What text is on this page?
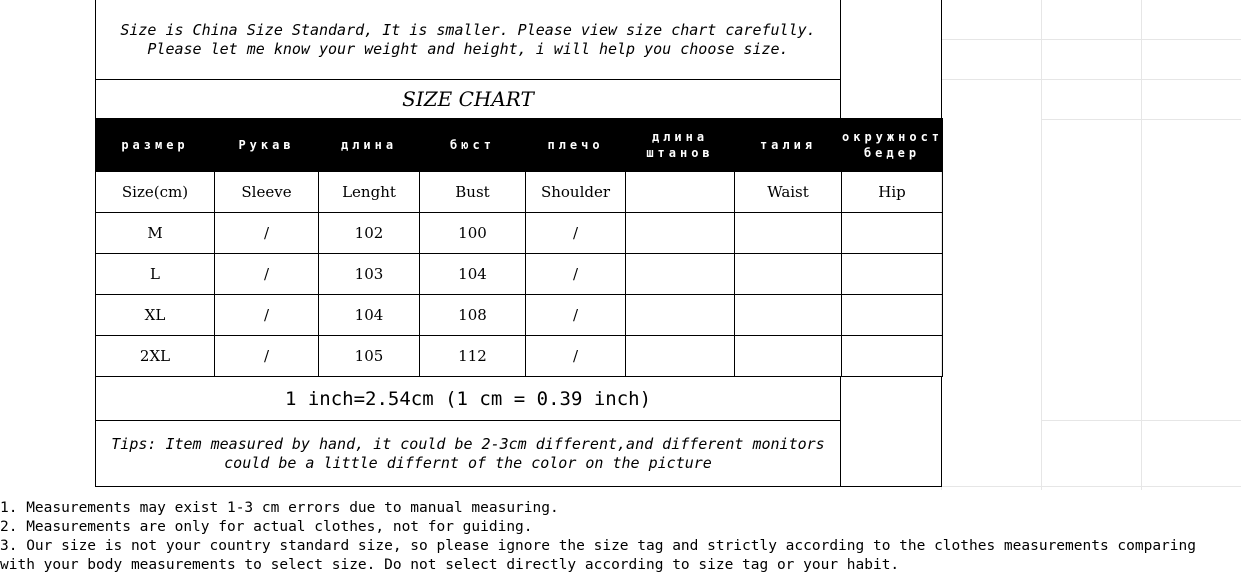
Size is China Size Standard, It is smaller. Please view size chart carefully.
Please let me know your weight and height, i will help you choose size.
SIZE CHART
размер	Рукав	длина	бюст	плечо	длина штанов	талия	окружность бедер
Size(cm)	Sleeve	Lenght	Bust	Shoulder		Waist	Hip
M	/	102	100	/			
L	/	103	104	/			
XL	/	104	108	/			
2XL	/	105	112	/			
1 inch=2.54cm (1 cm = 0.39 inch)
Tips: Item measured by hand, it could be 2-3cm different,and different monitors
could be a little differnt of the color on the picture
1. Measurements may exist 1-3 cm errors due to manual measuring.
2. Measurements are only for actual clothes, not for guiding.
3. Our size is not your country standard size, so please ignore the size tag and strictly according to the clothes measurements comparing
with your body measurements to select size. Do not select directly according to size tag or your habit.
